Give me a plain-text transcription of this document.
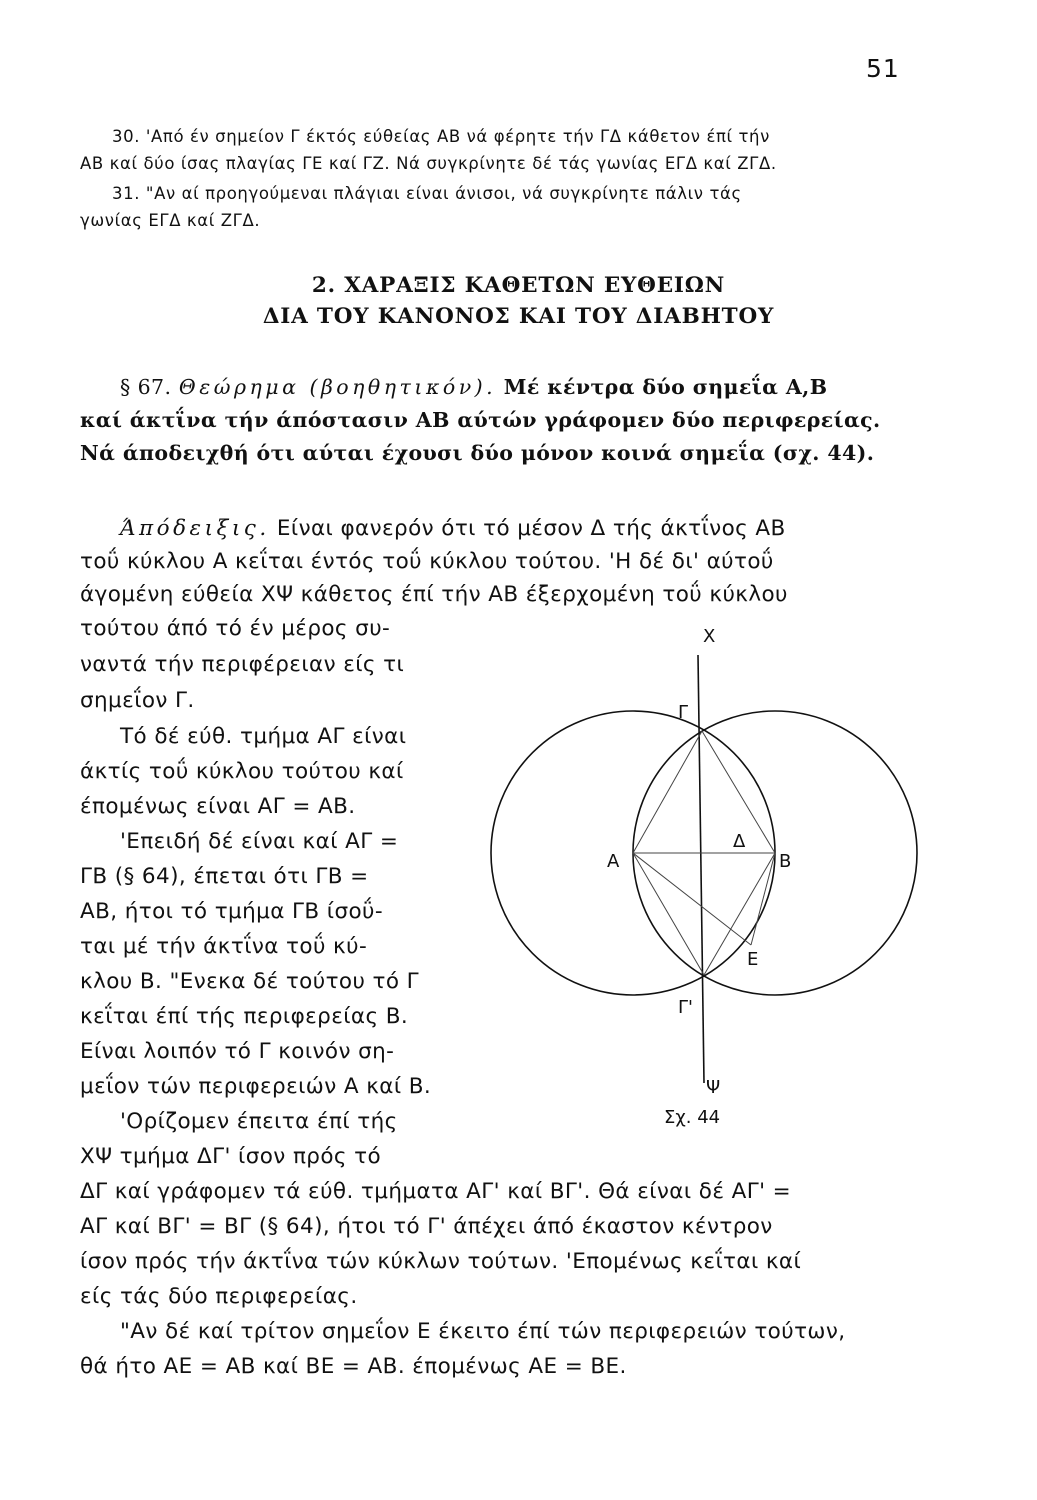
51
30. 'Από έν σημείον Γ έκτός εύθείας ΑΒ νά φέρητε τήν ΓΔ κάθετον έπί τήν
ΑΒ καί δύο ίσας πλαγίας ΓΕ καί ΓΖ. Νά συγκρίνητε δέ τάς γωνίας ΕΓΔ καί ΖΓΔ.
31. "Αν αί προηγούμεναι πλάγιαι είναι άνισοι, νά συγκρίνητε πάλιν τάς
γωνίας ΕΓΔ καί ΖΓΔ.
2. ΧΑΡΑΞΙΣ ΚΑΘΕΤΩΝ ΕΥΘΕΙΩΝ
ΔΙΑ ΤΟΥ ΚΑΝΟΝΟΣ ΚΑΙ ΤΟΥ ΔΙΑΒΗΤΟΥ
§ 67. Θεώρημα (βοηθητικόν). Μέ κέντρα δύο σημεΐα Α,Β
καί άκτΐνα τήν άπόστασιν ΑΒ αύτών γράφομεν δύο περιφερείας.
Νά άποδειχθή ότι αύται έχουσι δύο μόνον κοινά σημεΐα (σχ. 44).
Άπόδειξις. Είναι φανερόν ότι τό μέσον Δ τής άκτΐνος ΑΒ
τοΰ κύκλου Α κεΐται έντός τοΰ κύκλου τούτου. 'Η δέ δι' αύτοΰ
άγομένη εύθεία ΧΨ κάθετος έπί τήν ΑΒ έξερχομένη τοΰ κύκλου
τούτου άπό τό έν μέρος συ-
ναντά τήν περιφέρειαν είς τι
σημεΐον Γ.
Τό δέ εύθ. τμήμα ΑΓ είναι
άκτίς τοΰ κύκλου τούτου καί
έπομένως είναι ΑΓ = ΑΒ.
'Επειδή δέ είναι καί ΑΓ =
ΓΒ (§ 64), έπεται ότι ΓΒ =
ΑΒ, ήτοι τό τμήμα ΓΒ ίσοΰ-
ται μέ τήν άκτΐνα τοΰ κύ-
κλου Β. "Ενεκα δέ τούτου τό Γ
κεΐται έπί τής περιφερείας Β.
Είναι λοιπόν τό Γ κοινόν ση-
μεΐον τών περιφερειών Α καί Β.
'Ορίζομεν έπειτα έπί τής
ΧΨ τμήμα ΔΓ' ίσον πρός τό
ΔΓ καί γράφομεν τά εύθ. τμήματα ΑΓ' καί ΒΓ'. Θά είναι δέ ΑΓ' =
ΑΓ καί ΒΓ' = ΒΓ (§ 64), ήτοι τό Γ' άπέχει άπό έκαστον κέντρον
ίσον πρός τήν άκτΐνα τών κύκλων τούτων. 'Επομένως κεΐται καί
είς τάς δύο περιφερείας.
"Αν δέ καί τρίτον σημεΐον Ε έκειτο έπί τών περιφερειών τούτων,
θά ήτο ΑΕ = ΑΒ καί ΒΕ = ΑΒ. έπομένως ΑΕ = ΒΕ.
X
Γ
Α
Δ
Β
Ε
Γ'
Ψ
Σχ. 44
